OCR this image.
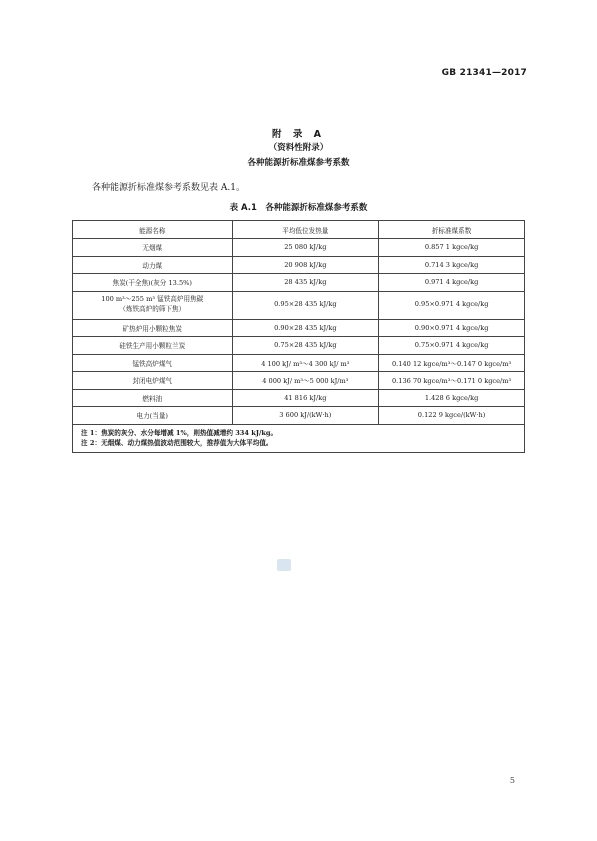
GB 21341—2017
附 录 A
（资料性附录）
各种能源折标准煤参考系数
各种能源折标准煤参考系数见表 A.1。
表 A.1　各种能源折标准煤参考系数
能源名称	平均低位发热量	折标准煤系数
无烟煤	25 080 kJ/kg	0.857 1 kgce/kg
动力煤	20 908 kJ/kg	0.714 3 kgce/kg
焦炭(干全焦)(灰分 13.5%)	28 435 kJ/kg	0.971 4 kgce/kg
100 m³～255 m³ 锰铁高炉用焦碳
（炼铁高炉的筛下焦）	0.95×28 435 kJ/kg	0.95×0.971 4 kgce/kg
矿热炉用小颗粒焦炭	0.90×28 435 kJ/kg	0.90×0.971 4 kgce/kg
硅铁生产用小颗粒兰炭	0.75×28 435 kJ/kg	0.75×0.971 4 kgce/kg
锰铁高炉煤气	4 100 kJ/ m³～4 300 kJ/ m³	0.140 12 kgce/m³～0.147 0 kgce/m³
封闭电炉煤气	4 000 kJ/ m³～5 000 kJ/m³	0.136 70 kgce/m³～0.171 0 kgce/m³
燃料油	41 816 kJ/kg	1.428 6 kgce/kg
电力(当量)	3 600 kJ/(kW·h)	0.122 9 kgce/(kW·h)

注 1：焦炭的灰分、水分每增减 1%，则热值减增约 334 kJ/kg。
注 2：无烟煤、动力煤热值波动范围较大，推荐值为大体平均值。		
5
